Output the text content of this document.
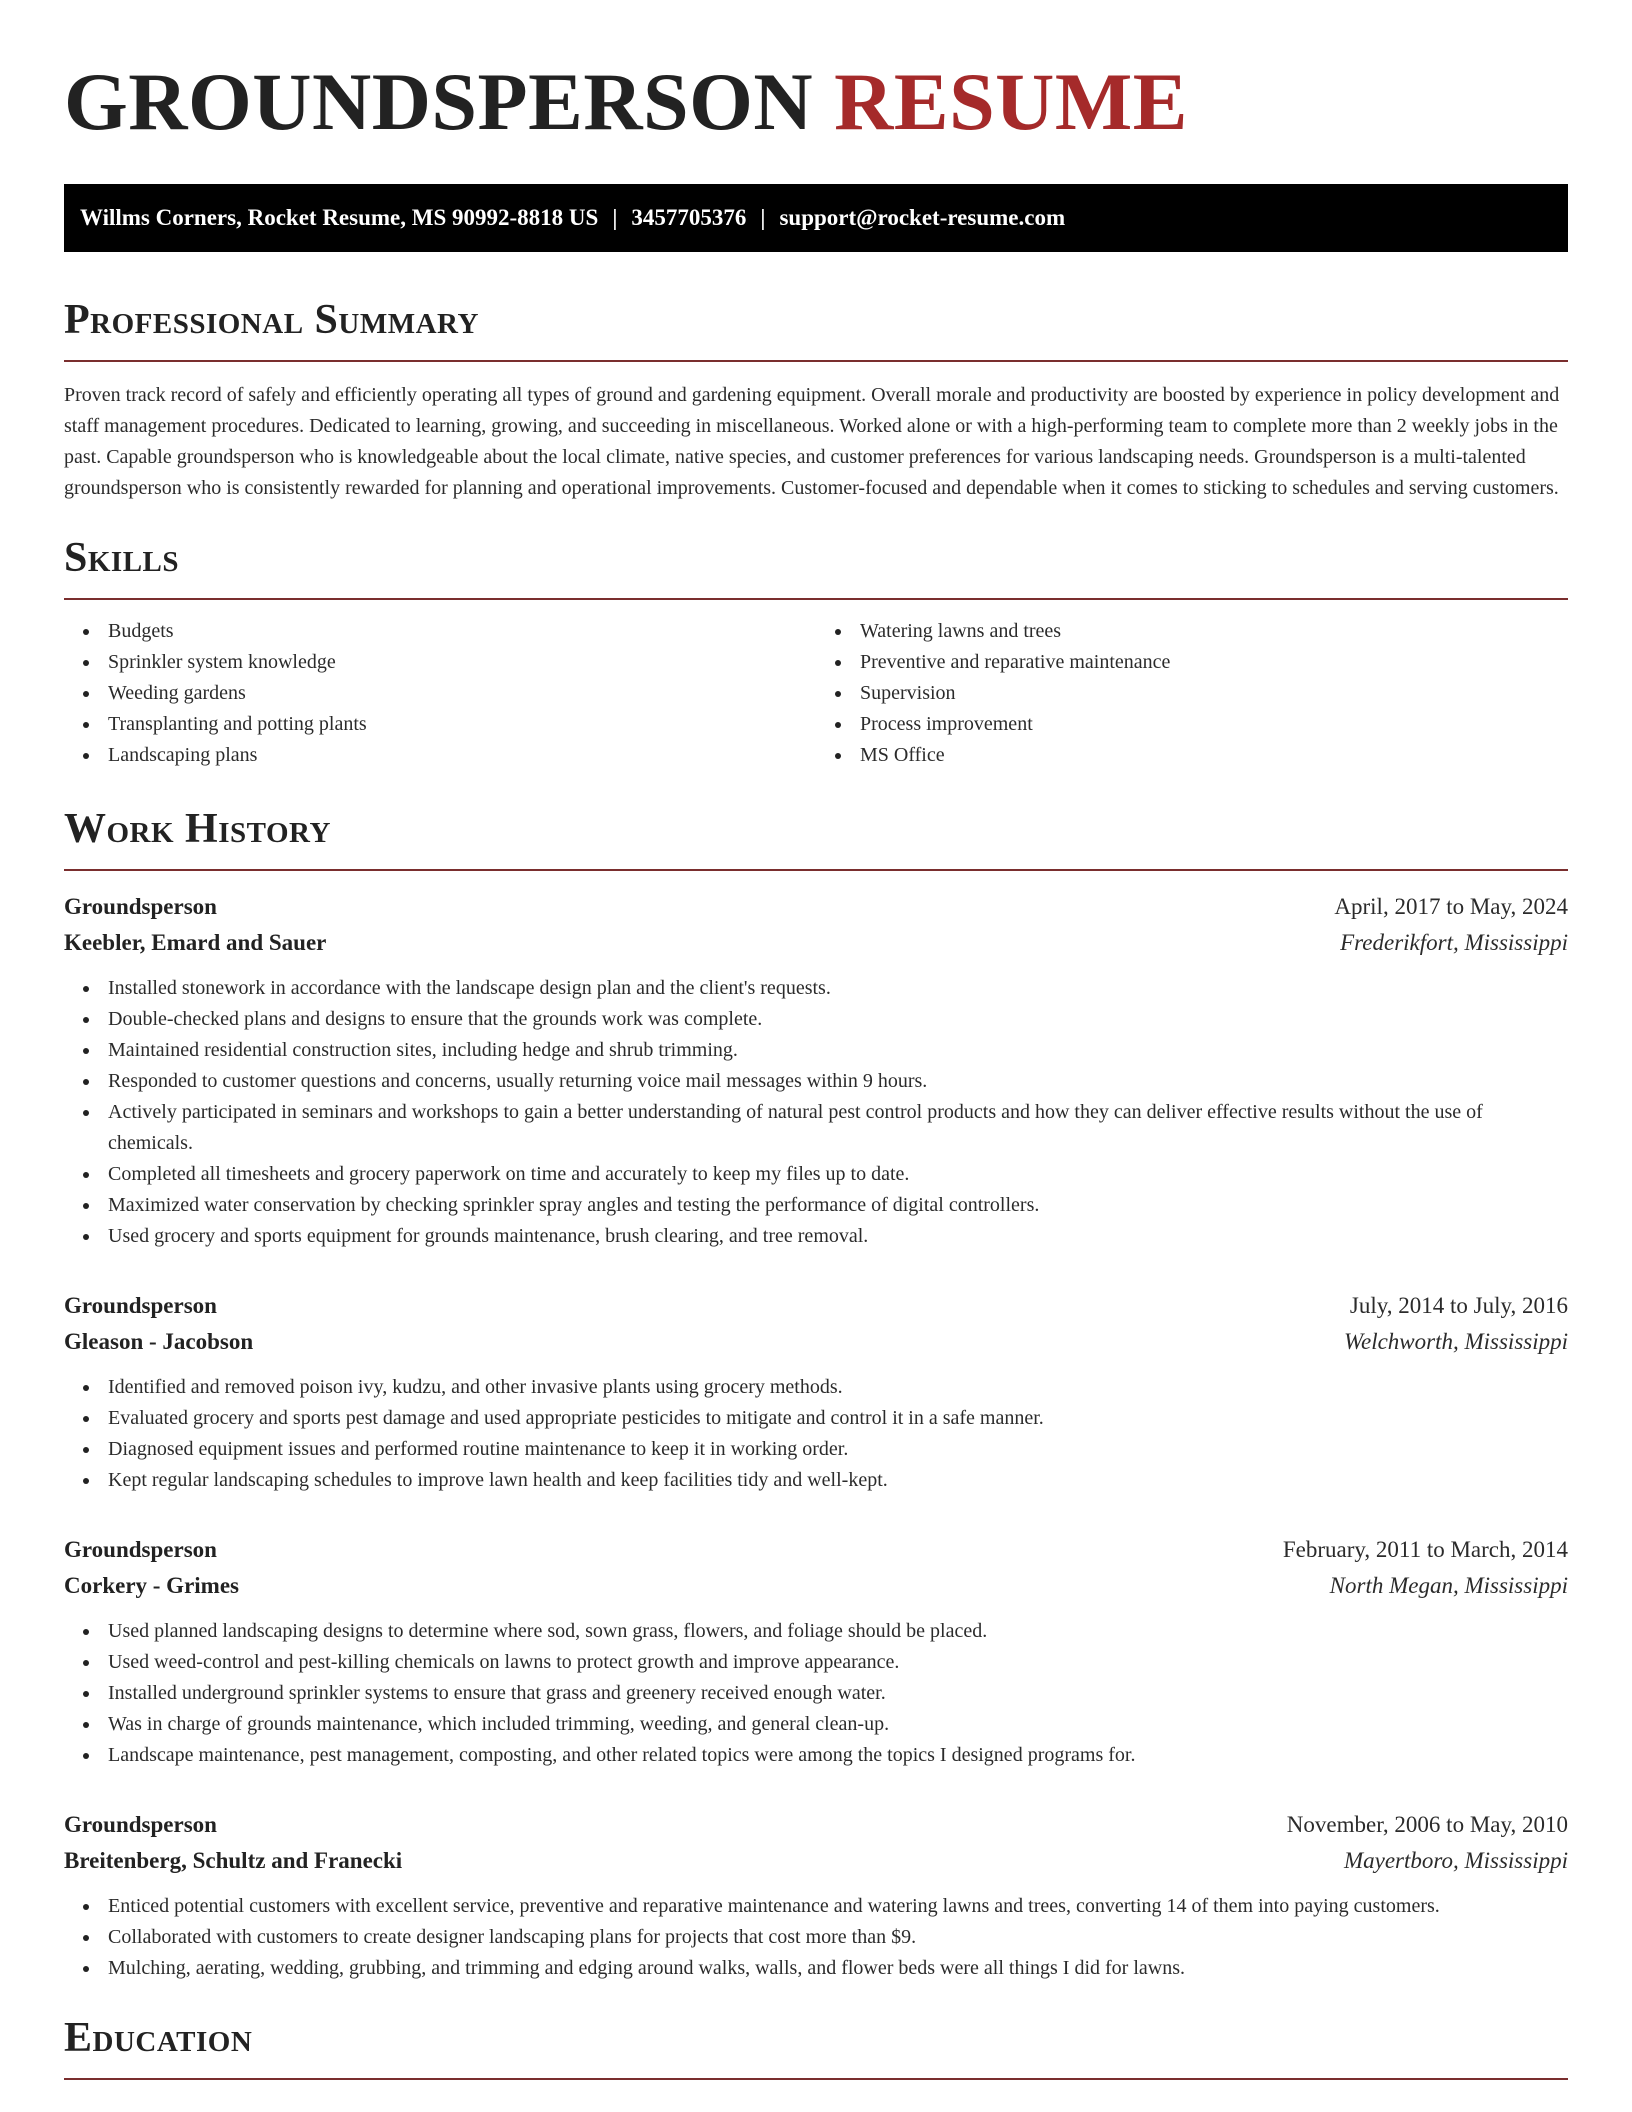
GROUNDSPERSON RESUME
Willms Corners, Rocket Resume, MS 90992-8818 US | 3457705376 | support@rocket-resume.com
Professional Summary

Proven track record of safely and efficiently operating all types of ground and gardening equipment. Overall morale and productivity are boosted by experience in policy development and staff management procedures. Dedicated to learning, growing, and succeeding in miscellaneous. Worked alone or with a high-performing team to complete more than 2 weekly jobs in the past. Capable groundsperson who is knowledgeable about the local climate, native species, and customer preferences for various landscaping needs. Groundsperson is a multi-talented groundsperson who is consistently rewarded for planning and operational improvements. Customer-focused and dependable when it comes to sticking to schedules and serving customers.

Skills
Budgets
Sprinkler system knowledge
Weeding gardens
Transplanting and potting plants
Landscaping plans
Watering lawns and trees
Preventive and reparative maintenance
Supervision
Process improvement
MS Office
Work History
Groundsperson	April, 2017 to May, 2024
Keebler, Emard and Sauer	Frederikfort, Mississippi
Installed stonework in accordance with the landscape design plan and the client's requests.
Double-checked plans and designs to ensure that the grounds work was complete.
Maintained residential construction sites, including hedge and shrub trimming.
Responded to customer questions and concerns, usually returning voice mail messages within 9 hours.
Actively participated in seminars and workshops to gain a better understanding of natural pest control products and how they can deliver effective results without the use of chemicals.
Completed all timesheets and grocery paperwork on time and accurately to keep my files up to date.
Maximized water conservation by checking sprinkler spray angles and testing the performance of digital controllers.
Used grocery and sports equipment for grounds maintenance, brush clearing, and tree removal.
Groundsperson	July, 2014 to July, 2016
Gleason - Jacobson	Welchworth, Mississippi
Identified and removed poison ivy, kudzu, and other invasive plants using grocery methods.
Evaluated grocery and sports pest damage and used appropriate pesticides to mitigate and control it in a safe manner.
Diagnosed equipment issues and performed routine maintenance to keep it in working order.
Kept regular landscaping schedules to improve lawn health and keep facilities tidy and well-kept.
Groundsperson	February, 2011 to March, 2014
Corkery - Grimes	North Megan, Mississippi
Used planned landscaping designs to determine where sod, sown grass, flowers, and foliage should be placed.
Used weed-control and pest-killing chemicals on lawns to protect growth and improve appearance.
Installed underground sprinkler systems to ensure that grass and greenery received enough water.
Was in charge of grounds maintenance, which included trimming, weeding, and general clean-up.
Landscape maintenance, pest management, composting, and other related topics were among the topics I designed programs for.
Groundsperson	November, 2006 to May, 2010
Breitenberg, Schultz and Franecki	Mayertboro, Mississippi
Enticed potential customers with excellent service, preventive and reparative maintenance and watering lawns and trees, converting 14 of them into paying customers.
Collaborated with customers to create designer landscaping plans for projects that cost more than $9.
Mulching, aerating, wedding, grubbing, and trimming and edging around walks, walls, and flower beds were all things I did for lawns.
Education
